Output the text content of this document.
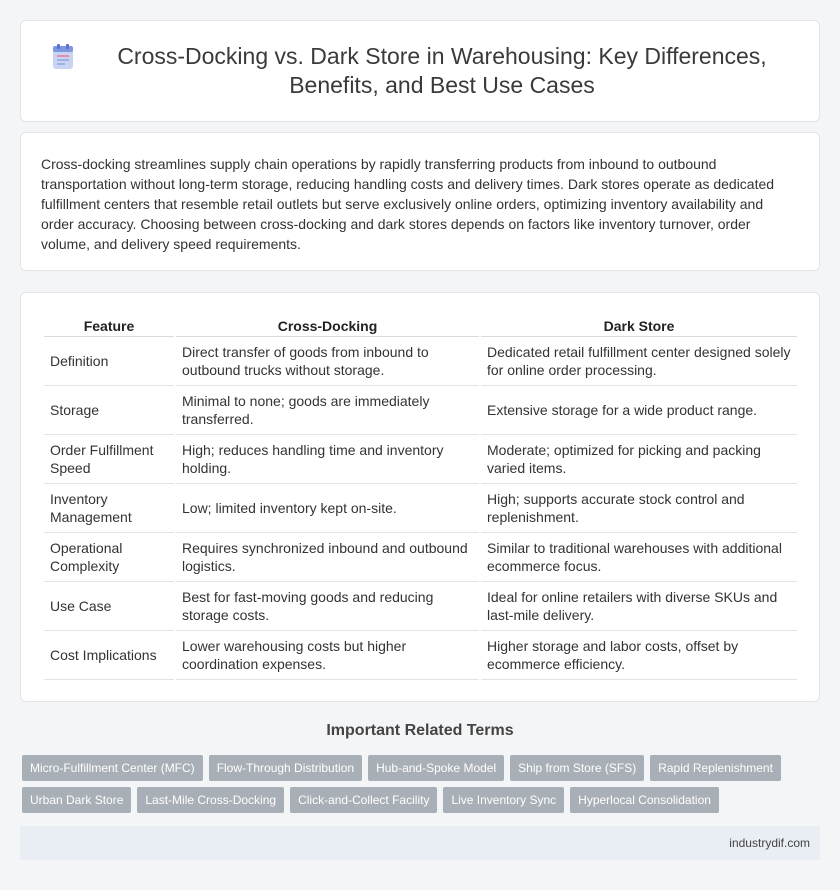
Cross-Docking vs. Dark Store in Warehousing: Key Differences, Benefits, and Best Use Cases

Cross-docking streamlines supply chain operations by rapidly transferring products from inbound to outbound transportation without long-term storage, reducing handling costs and delivery times. Dark stores operate as dedicated fulfillment centers that resemble retail outlets but serve exclusively online orders, optimizing inventory availability and order accuracy. Choosing between cross-docking and dark stores depends on factors like inventory turnover, order volume, and delivery speed requirements.

Feature	Cross-Docking	Dark Store
Definition	Direct transfer of goods from inbound to outbound trucks without storage.	Dedicated retail fulfillment center designed solely for online order processing.
Storage	Minimal to none; goods are immediately transferred.	Extensive storage for a wide product range.
Order Fulfillment Speed	High; reduces handling time and inventory holding.	Moderate; optimized for picking and packing varied items.
Inventory Management	Low; limited inventory kept on-site.	High; supports accurate stock control and replenishment.
Operational Complexity	Requires synchronized inbound and outbound logistics.	Similar to traditional warehouses with additional ecommerce focus.
Use Case	Best for fast-moving goods and reducing storage costs.	Ideal for online retailers with diverse SKUs and last-mile delivery.
Cost Implications	Lower warehousing costs but higher coordination expenses.	Higher storage and labor costs, offset by ecommerce efficiency.
Important Related Terms
Micro-Fulfillment Center (MFC)	Flow-Through Distribution	Hub-and-Spoke Model	Ship from Store (SFS)	Rapid Replenishment
Urban Dark Store	Last-Mile Cross-Docking	Click-and-Collect Facility	Live Inventory Sync	Hyperlocal Consolidation
industrydif.com
